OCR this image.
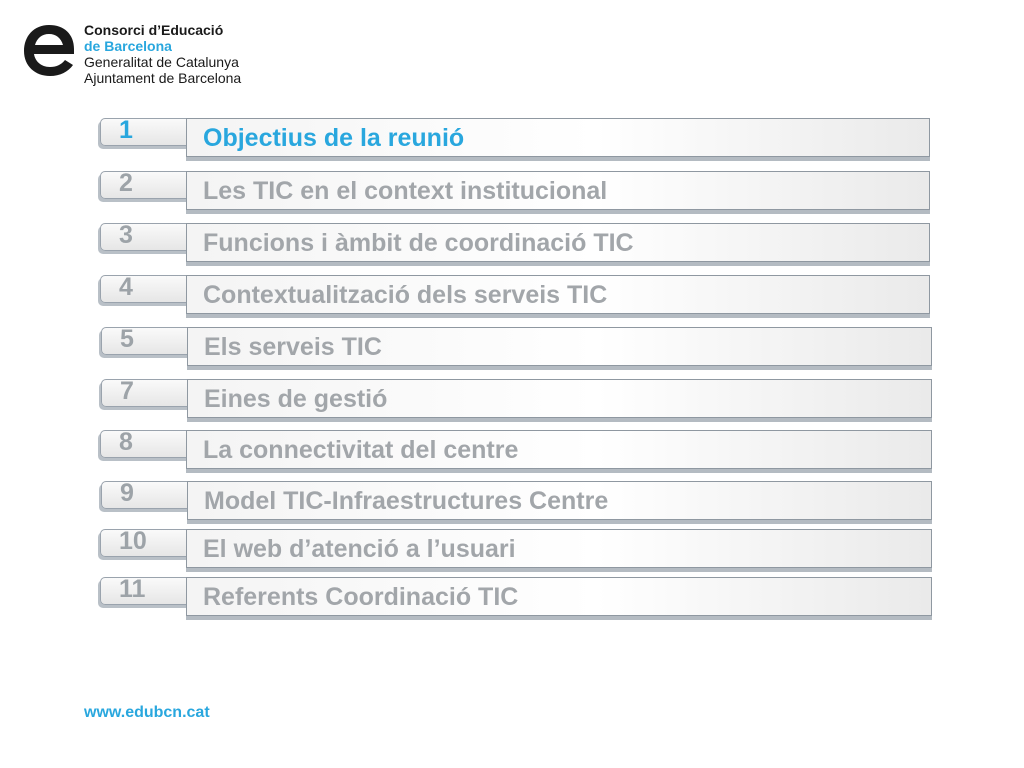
Consorci d’Educació
de Barcelona
Generalitat de Catalunya
Ajuntament de Barcelona
1	Objectius de la reunió
2	Les TIC en el context institucional
3	Funcions i àmbit de coordinació TIC
4	Contextualització dels serveis TIC
5	Els serveis TIC
7	Eines de gestió
8	La connectivitat del centre
9	Model TIC-Infraestructures Centre
10 El web d’atenció a l’usuari
11 Referents Coordinació TIC
www.edubcn.cat
